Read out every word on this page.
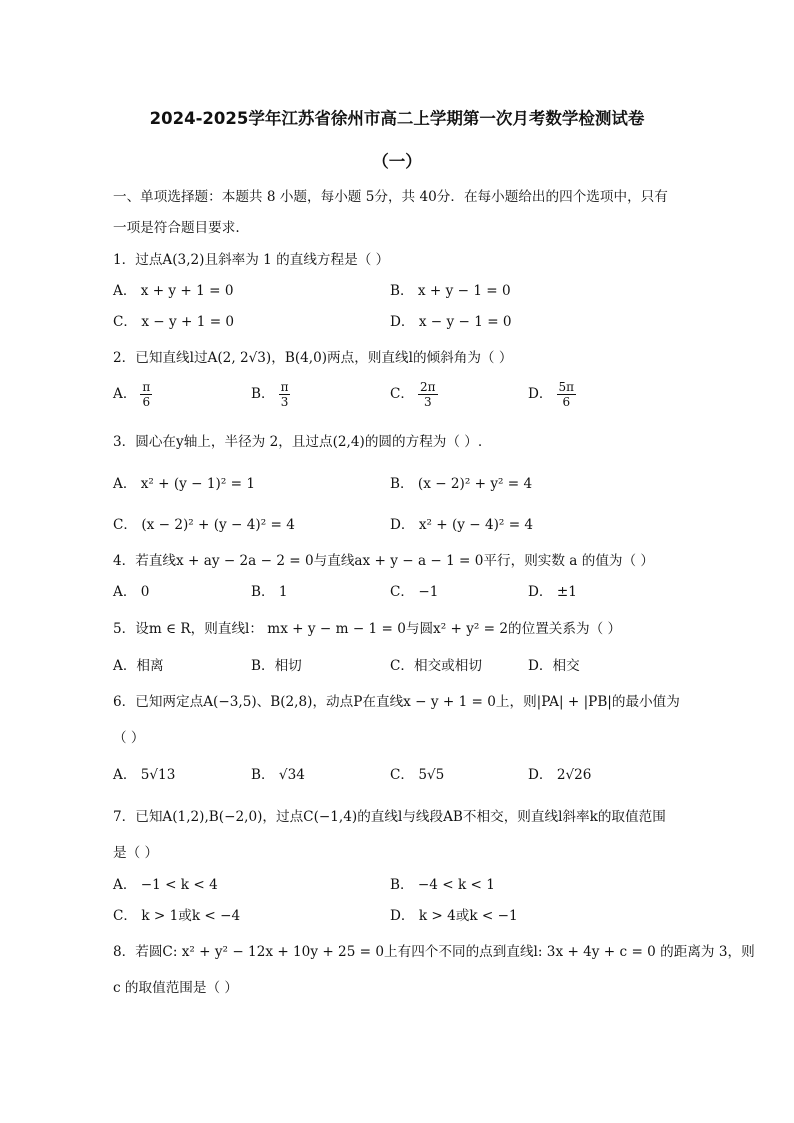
2024-2025学年江苏省徐州市高二上学期第一次月考数学检测试卷
（一）
一、单项选择题：本题共 8 小题，每小题 5分，共 40分．在每小题给出的四个选项中，只有
一项是符合题目要求.
1．过点A(3,2)且斜率为 1 的直线方程是（ ）
A． x + y + 1 = 0	B． x + y − 1 = 0
C． x − y + 1 = 0	D． x − y − 1 = 0
2．已知直线l过A(2, 2√3)，B(4,0)两点，则直线l的倾斜角为（ ）
A． $\frac{\pi}{6}$	B． $\frac{\pi}{3}$	C． $\frac{2\pi}{3}$	D． $\frac{5\pi}{6}$
3．圆心在y轴上，半径为 2，且过点(2,4)的圆的方程为（ ）.
A． x² + (y − 1)² = 1	B． (x − 2)² + y² = 4
C． (x − 2)² + (y − 4)² = 4	D． x² + (y − 4)² = 4
4．若直线x + ay − 2a − 2 = 0与直线ax + y − a − 1 = 0平行，则实数 a 的值为（ ）
A． 0	B． 1	C． −1	D． ±1
5．设m ∈ R，则直线l： mx + y − m − 1 = 0与圆x² + y² = 2的位置关系为（ ）
A．相离	B．相切	C．相交或相切	D．相交
6．已知两定点A(−3,5)、B(2,8)，动点P在直线x − y + 1 = 0上，则|PA| + |PB|的最小值为
（ ）
A． 5√13	B． √34	C． 5√5	D． 2√26
7．已知A(1,2),B(−2,0)，过点C(−1,4)的直线l与线段AB不相交，则直线l斜率k的取值范围
是（ ）
A． −1 < k < 4	B． −4 < k < 1
C． k > 1或k < −4	D． k > 4或k < −1
8．若圆C: x² + y² − 12x + 10y + 25 = 0上有四个不同的点到直线l: 3x + 4y + c = 0 的距离为 3，则
c 的取值范围是（ ）
